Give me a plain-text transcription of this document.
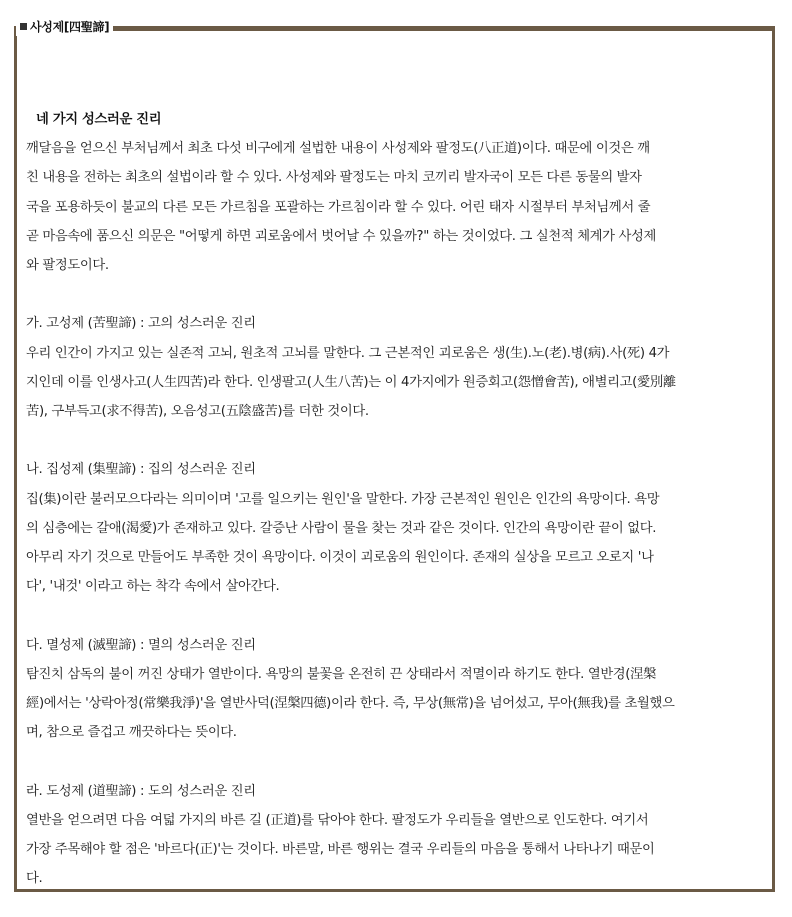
사성제[四聖諦]
네 가지 성스러운 진리

깨달음을 얻으신 부처님께서 최초 다섯 비구에게 설법한 내용이 사성제와 팔정도(八正道)이다. 때문에 이것은 깨
친 내용을 전하는 최초의 설법이라 할 수 있다. 사성제와 팔정도는 마치 코끼리 발자국이 모든 다른 동물의 발자
국을 포용하듯이 불교의 다른 모든 가르침을 포괄하는 가르침이라 할 수 있다. 어린 태자 시절부터 부처님께서 줄
곧 마음속에 품으신 의문은 "어떻게 하면 괴로움에서 벗어날 수 있을까?" 하는 것이었다. 그 실천적 체계가 사성제
와 팔정도이다.

가. 고성제 (苦聖諦) : 고의 성스러운 진리

우리 인간이 가지고 있는 실존적 고뇌, 원초적 고뇌를 말한다. 그 근본적인 괴로움은 생(生).노(老).병(病).사(死) 4가
지인데 이를 인생사고(人生四苦)라 한다. 인생팔고(人生八苦)는 이 4가지에가 원증회고(怨憎會苦), 애별리고(愛別離
苦), 구부득고(求不得苦), 오음성고(五陰盛苦)를 더한 것이다.

나. 집성제 (集聖諦) : 집의 성스러운 진리

집(集)이란 불러모으다라는 의미이며 '고를 일으키는 원인'을 말한다. 가장 근본적인 원인은 인간의 욕망이다. 욕망
의 심층에는 갈애(渴愛)가 존재하고 있다. 갈증난 사람이 물을 찾는 것과 같은 것이다. 인간의 욕망이란 끝이 없다.
아무리 자기 것으로 만들어도 부족한 것이 욕망이다. 이것이 괴로움의 원인이다. 존재의 실상을 모르고 오로지 '나
다', '내것' 이라고 하는 착각 속에서 살아간다.

다. 멸성제 (滅聖諦) : 멸의 성스러운 진리

탐진치 삼독의 불이 꺼진 상태가 열반이다. 욕망의 불꽃을 온전히 끈 상태라서 적멸이라 하기도 한다. 열반경(涅槃
經)에서는 '상락아정(常樂我淨)'을 열반사덕(涅槃四德)이라 한다. 즉, 무상(無常)을 넘어섰고, 무아(無我)를 초월했으
며, 참으로 즐겁고 깨끗하다는 뜻이다.

라. 도성제 (道聖諦) : 도의 성스러운 진리

열반을 얻으려면 다음 여덟 가지의 바른 길 (正道)를 닦아야 한다. 팔정도가 우리들을 열반으로 인도한다. 여기서
가장 주목해야 할 점은 '바르다(正)'는 것이다. 바른말, 바른 행위는 결국 우리들의 마음을 통해서 나타나기 때문이
다.
